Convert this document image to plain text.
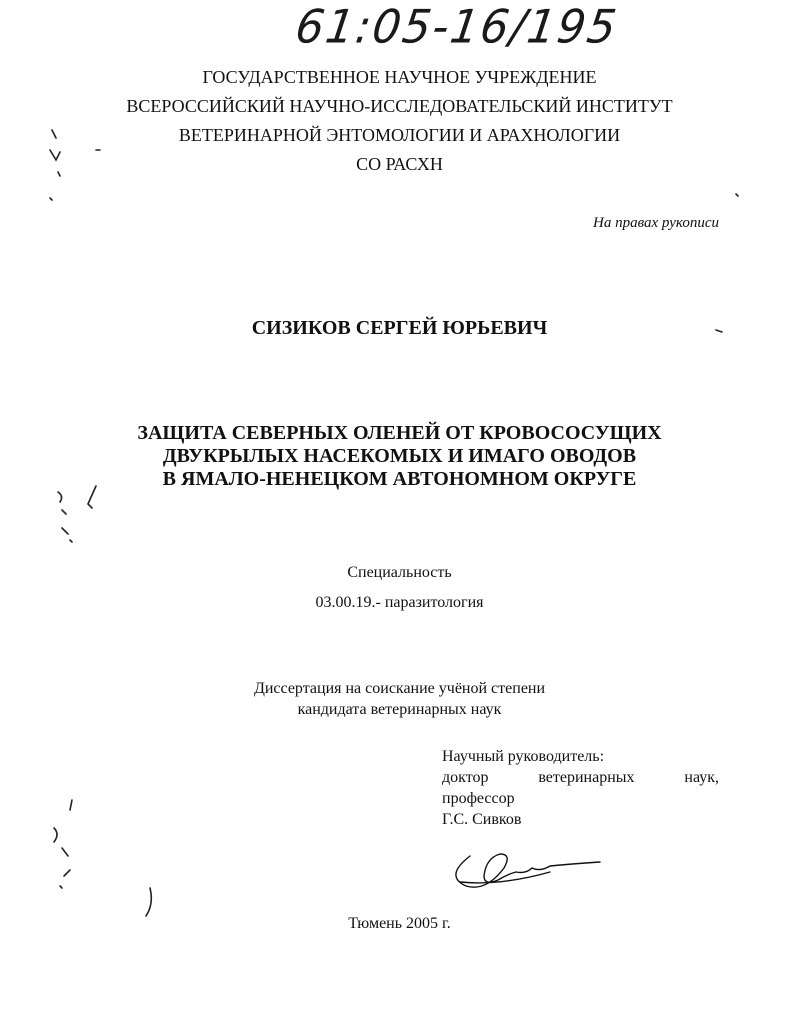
61:05-16/195
ГОСУДАРСТВЕННОЕ НАУЧНОЕ УЧРЕЖДЕНИЕ
ВСЕРОССИЙСКИЙ НАУЧНО-ИССЛЕДОВАТЕЛЬСКИЙ ИНСТИТУТ
ВЕТЕРИНАРНОЙ ЭНТОМОЛОГИИ И АРАХНОЛОГИИ
СО РАСХН
На правах рукописи
СИЗИКОВ СЕРГЕЙ ЮРЬЕВИЧ
ЗАЩИТА СЕВЕРНЫХ ОЛЕНЕЙ ОТ КРОВОСОСУЩИХ
ДВУКРЫЛЫХ НАСЕКОМЫХ И ИМАГО ОВОДОВ
В ЯМАЛО-НЕНЕЦКОМ АВТОНОМНОМ ОКРУГЕ
Специальность
03.00.19.- паразитология
Диссертация на соискание учёной степени
кандидата ветеринарных наук
Научный руководитель:
доктор	ветеринарных	наук,
профессор
Г.С. Сивков
Тюмень 2005 г.
